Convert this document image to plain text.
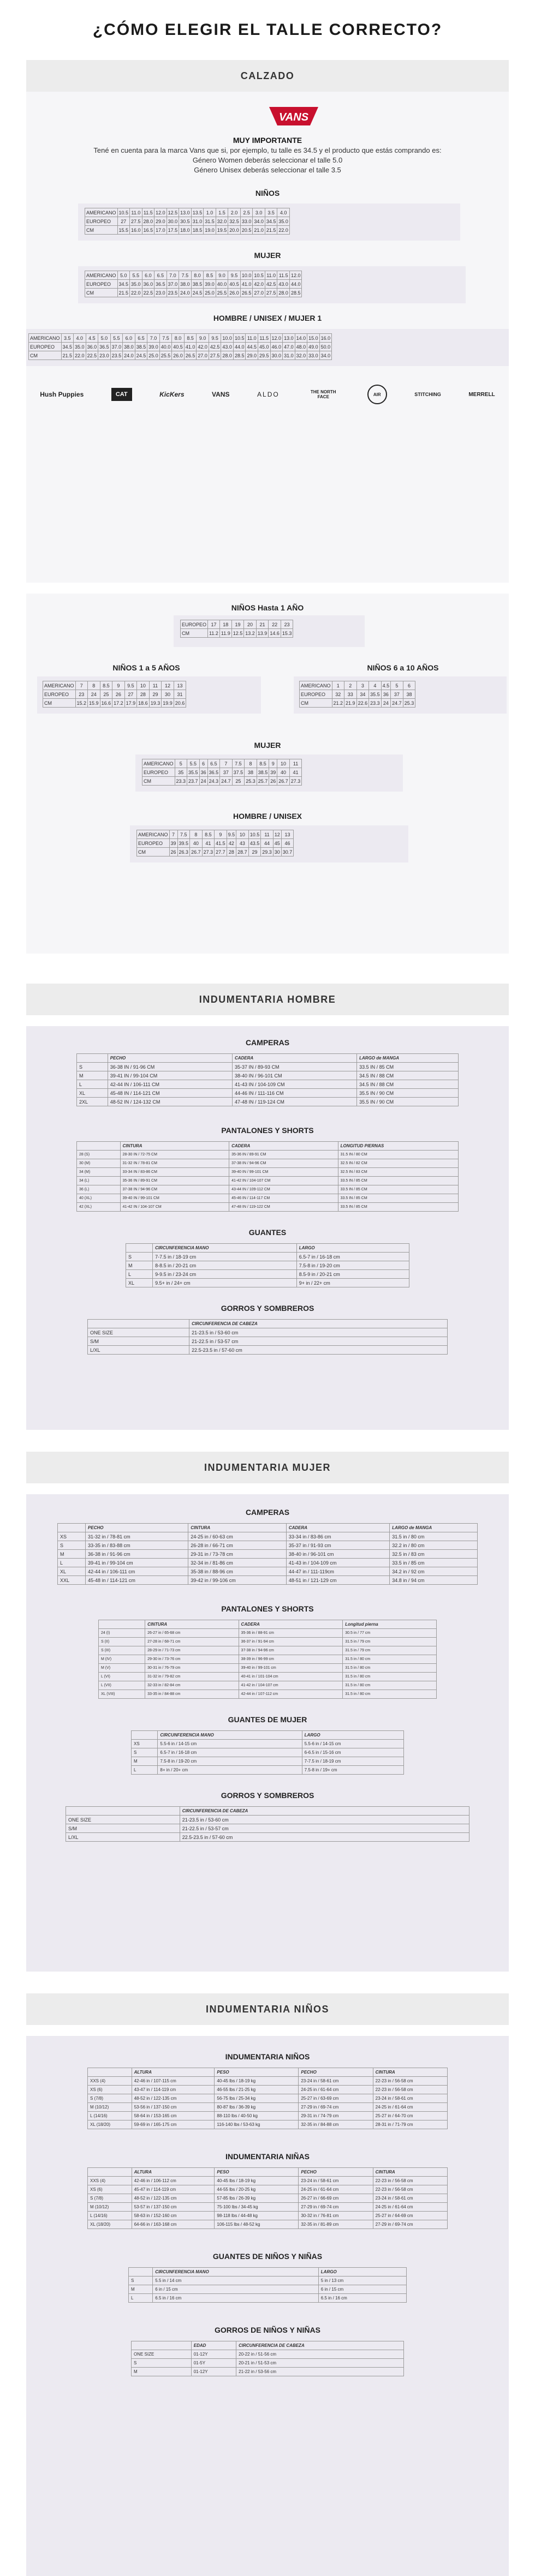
¿CÓMO ELEGIR EL TALLE CORRECTO?
CALZADO
VANS
MUY IMPORTANTE
Tené en cuenta para la marca Vans que si, por ejemplo, tu talle es 34.5 y el producto que estás comprando es:
Género Women deberás seleccionar el talle 5.0
Género Unisex deberás seleccionar el talle 3.5
NIÑOS
AMERICANO	10.5	11.0	11.5	12.0	12.5	13.0	13.5	1.0	1.5	2.0	2.5	3.0	3.5	4.0
EUROPEO	27	27.5	28.0	29.0	30.0	30.5	31.0	31.5	32.0	32.5	33.0	34.0	34.5	35.0
CM	15.5	16.0	16.5	17.0	17.5	18.0	18.5	19.0	19.5	20.0	20.5	21.0	21.5	22.0
MUJER
AMERICANO	5.0	5.5	6.0	6.5	7.0	7.5	8.0	8.5	9.0	9.5	10.0	10.5	11.0	11.5	12.0
EUROPEO	34.5	35.0	36.0	36.5	37.0	38.0	38.5	39.0	40.0	40.5	41.0	42.0	42.5	43.0	44.0
CM	21.5	22.0	22.5	23.0	23.5	24.0	24.5	25.0	25.5	26.0	26.5	27.0	27.5	28.0	28.5
HOMBRE / UNISEX / MUJER 1
AMERICANO	3.5	4.0	4.5	5.0	5.5	6.0	6.5	7.0	7.5	8.0	8.5	9.0	9.5	10.0	10.5	11.0	11.5	12.0	13.0	14.0	15.0	16.0
EUROPEO	34.5	35.0	36.0	36.5	37.0	38.0	38.5	39.0	40.0	40.5	41.0	42.0	42.5	43.0	44.0	44.5	45.0	46.0	47.0	48.0	49.0	50.0
CM	21.5	22.0	22.5	23.0	23.5	24.0	24.5	25.0	25.5	26.0	26.5	27.0	27.5	28.0	28.5	29.0	29.5	30.0	31.0	32.0	33.0	34.0
Hush Puppies	CAT	KicKers	VANS	ALDO	THE NORTH FACE	AIR	STITCHING	MERRELL
NIÑOS Hasta 1 AÑO
EUROPEO	17	18	19	20	21	22	23
CM	11.2	11.9	12.5	13.2	13.9	14.6	15.3
NIÑOS 1 a 5 AÑOS
AMERICANO	7	8	8.5	9	9.5	10	11	12	13
EUROPEO	23	24	25	26	27	28	29	30	31
CM	15.2	15.9	16.6	17.2	17.9	18.6	19.3	19.9	20.6
NIÑOS 6 a 10 AÑOS
AMERICANO	1	2	3	4	4.5	5	6
EUROPEO	32	33	34	35.5	36	37	38
CM	21.2	21.9	22.6	23.3	24	24.7	25.3
MUJER
AMERICANO	5	5.5	6	6.5	7	7.5	8	8.5	9	10	11
EUROPEO	35	35.5	36	36.5	37	37.5	38	38.5	39	40	41
CM	23.3	23.7	24	24.3	24.7	25	25.3	25.7	26	26.7	27.3
HOMBRE / UNISEX
AMERICANO	7	7.5	8	8.5	9	9.5	10	10.5	11	12	13
EUROPEO	39	39.5	40	41	41.5	42	43	43.5	44	45	46
CM	26	26.3	26.7	27.3	27.7	28	28.7	29	29.3	30	30.7
INDUMENTARIA HOMBRE
CAMPERAS
	PECHO	CADERA	LARGO de MANGA
S	36-38 IN / 91-96 CM	35-37 IN / 89-93 CM	33.5 IN / 85 CM
M	39-41 IN / 99-104 CM	38-40 IN / 96-101 CM	34.5 IN / 88 CM
L	42-44 IN / 106-111 CM	41-43 IN / 104-109 CM	34.5 IN / 88 CM
XL	45-48 IN / 114-121 CM	44-46 IN / 111-116 CM	35.5 IN / 90 CM
2XL	48-52 IN / 124-132 CM	47-48 IN / 119-124 CM	35.5 IN / 90 CM
PANTALONES Y SHORTS
	CINTURA	CADERA	LONGITUD PIERNAS
28 (S)	28-30 IN / 72-75 CM	35-36 IN / 89-91 CM	31.5 IN / 80 CM
30 (M)	31-32 IN / 78-81 CM	37-38 IN / 94-96 CM	32.5 IN / 82 CM
34 (M)	33-34 IN / 83-86 CM	39-40 IN / 99-101 CM	32.5 IN / 83 CM
34 (L)	35-36 IN / 89-91 CM	41-42 IN / 104-107 CM	33.5 IN / 85 CM
36 (L)	37-38 IN / 94-96 CM	43-44 IN / 109-112 CM	33.5 IN / 85 CM
40 (XL)	39-40 IN / 99-101 CM	45-46 IN / 114-117 CM	33.5 IN / 85 CM
42 (XL)	41-42 IN / 104-107 CM	47-48 IN / 119-122 CM	33.5 IN / 85 CM
GUANTES
	CIRCUNFERENCIA MANO	LARGO
S	7-7.5 in / 18-19 cm	6.5-7 in / 16-18 cm
M	8-8.5 in / 20-21 cm	7.5-8 in / 19-20 cm
L	9-9.5 in / 23-24 cm	8.5-9 in / 20-21 cm
XL	9.5+ in / 24+ cm	9+ in / 22+ cm
GORROS Y SOMBREROS
	CIRCUNFERENCIA DE CABEZA
ONE SIZE	21-23.5 in / 53-60 cm
S/M	21-22.5 in / 53-57 cm
L/XL	22.5-23.5 in / 57-60 cm
INDUMENTARIA MUJER
CAMPERAS
	PECHO	CINTURA	CADERA	LARGO de MANGA
XS	31-32 in / 78-81 cm	24-25 in / 60-63 cm	33-34 in / 83-86 cm	31.5 in / 80 cm
S	33-35 in / 83-88 cm	26-28 in / 66-71 cm	35-37 in / 91-93 cm	32.2 in / 80 cm
M	36-38 in / 91-96 cm	29-31 in / 73-78 cm	38-40 in / 96-101 cm	32.5 in / 83 cm
L	39-41 in / 99-104 cm	32-34 in / 81-86 cm	41-43 in / 104-109 cm	33.5 in / 85 cm
XL	42-44 in / 106-111 cm	35-38 in / 88-96 cm	44-47 in / 111-119cm	34.2 in / 92 cm
XXL	45-48 in / 114-121 cm	39-42 in / 99-106 cm	48-51 in / 121-129 cm	34.8 in / 94 cm
PANTALONES Y SHORTS
	CINTURA	CADERA	Longitud pierna
24 (I)	26-27 in / 65-68 cm	35-36 in / 88-91 cm	30.5 in / 77 cm
S (II)	27-28 in / 68-71 cm	36-37 in / 91-94 cm	31.5 in / 79 cm
S (III)	28-29 in / 71-73 cm	37-38 in / 94-96 cm	31.5 in / 79 cm
M (IV)	29-30 in / 73-76 cm	38-39 in / 96-99 cm	31.5 in / 80 cm
M (V)	30-31 in / 76-79 cm	39-40 in / 99-101 cm	31.5 in / 80 cm
L (VI)	31-32 in / 79-82 cm	40-41 in / 101-104 cm	31.5 in / 80 cm
L (VII)	32-33 in / 82-84 cm	41-42 in / 104-107 cm	31.5 in / 80 cm
XL (VIII)	33-35 in / 84-88 cm	42-44 in / 107-112 cm	31.5 in / 80 cm
GUANTES DE MUJER
	CIRCUNFERENCIA MANO	LARGO
XS	5.5-6 in / 14-15 cm	5.5-6 in / 14-15 cm
S	6.5-7 in / 16-18 cm	6-6.5 in / 15-16 cm
M	7.5-8 in / 19-20 cm	7-7.5 in / 18-19 cm
L	8+ in / 20+ cm	7.5-8 in / 19+ cm
GORROS Y SOMBREROS
	CIRCUNFERENCIA DE CABEZA
ONE SIZE	21-23.5 in / 53-60 cm
S/M	21-22.5 in / 53-57 cm
L/XL	22.5-23.5 in / 57-60 cm
INDUMENTARIA NIÑOS
INDUMENTARIA NIÑOS
	ALTURA	PESO	PECHO	CINTURA
XXS (4)	42-46 in / 107-115 cm	40-45 lbs / 18-19 kg	23-24 in / 58-61 cm	22-23 in / 56-58 cm
XS (6)	43-47 in / 114-119 cm	46-55 lbs / 21-25 kg	24-25 in / 61-64 cm	22-23 in / 56-58 cm
S (7/8)	48-52 in / 122-135 cm	56-75 lbs / 25-34 kg	25-27 in / 63-69 cm	23-24 in / 58-61 cm
M (10/12)	53-56 in / 137-150 cm	80-87 lbs / 36-39 kg	27-29 in / 69-74 cm	24-25 in / 61-64 cm
L (14/16)	58-64 in / 153-165 cm	88-110 lbs / 40-50 kg	29-31 in / 74-79 cm	25-27 in / 64-70 cm
XL (18/20)	59-69 in / 165-175 cm	116-140 lbs / 53-63 kg	32-35 in / 84-88 cm	28-31 in / 71-79 cm
INDUMENTARIA NIÑAS
	ALTURA	PESO	PECHO	CINTURA
XXS (4)	42-46 in / 106-112 cm	40-45 lbs / 18-19 kg	23-24 in / 58-61 cm	22-23 in / 56-58 cm
XS (6)	45-47 in / 114-119 cm	44-55 lbs / 20-25 kg	24-25 in / 61-64 cm	22-23 in / 56-58 cm
S (7/8)	48-52 in / 122-135 cm	57-85 lbs / 26-39 kg	26-27 in / 66-69 cm	23-24 in / 58-61 cm
M (10/12)	53-57 in / 137-150 cm	75-100 lbs / 34-45 kg	27-29 in / 69-74 cm	24-25 in / 61-64 cm
L (14/16)	58-63 in / 152-160 cm	98-118 lbs / 44-48 kg	30-32 in / 76-81 cm	25-27 in / 64-69 cm
XL (18/20)	64-66 in / 163-168 cm	106-115 lbs / 48-52 kg	32-35 in / 81-89 cm	27-29 in / 69-74 cm
GUANTES DE NIÑOS Y NIÑAS
	CIRCUNFERENCIA MANO	LARGO
S	5.5 in / 14 cm	5 in / 13 cm
M	6 in / 15 cm	6 in / 15 cm
L	6.5 in / 16 cm	6.5 in / 16 cm
GORROS DE NIÑOS Y NIÑAS
	EDAD	CIRCUNFERENCIA DE CABEZA
ONE SIZE	01-12Y	20-22 in / 51-56 cm
S	01-5Y	20-21 in / 51-53 cm
M	01-12Y	21-22 in / 53-56 cm
